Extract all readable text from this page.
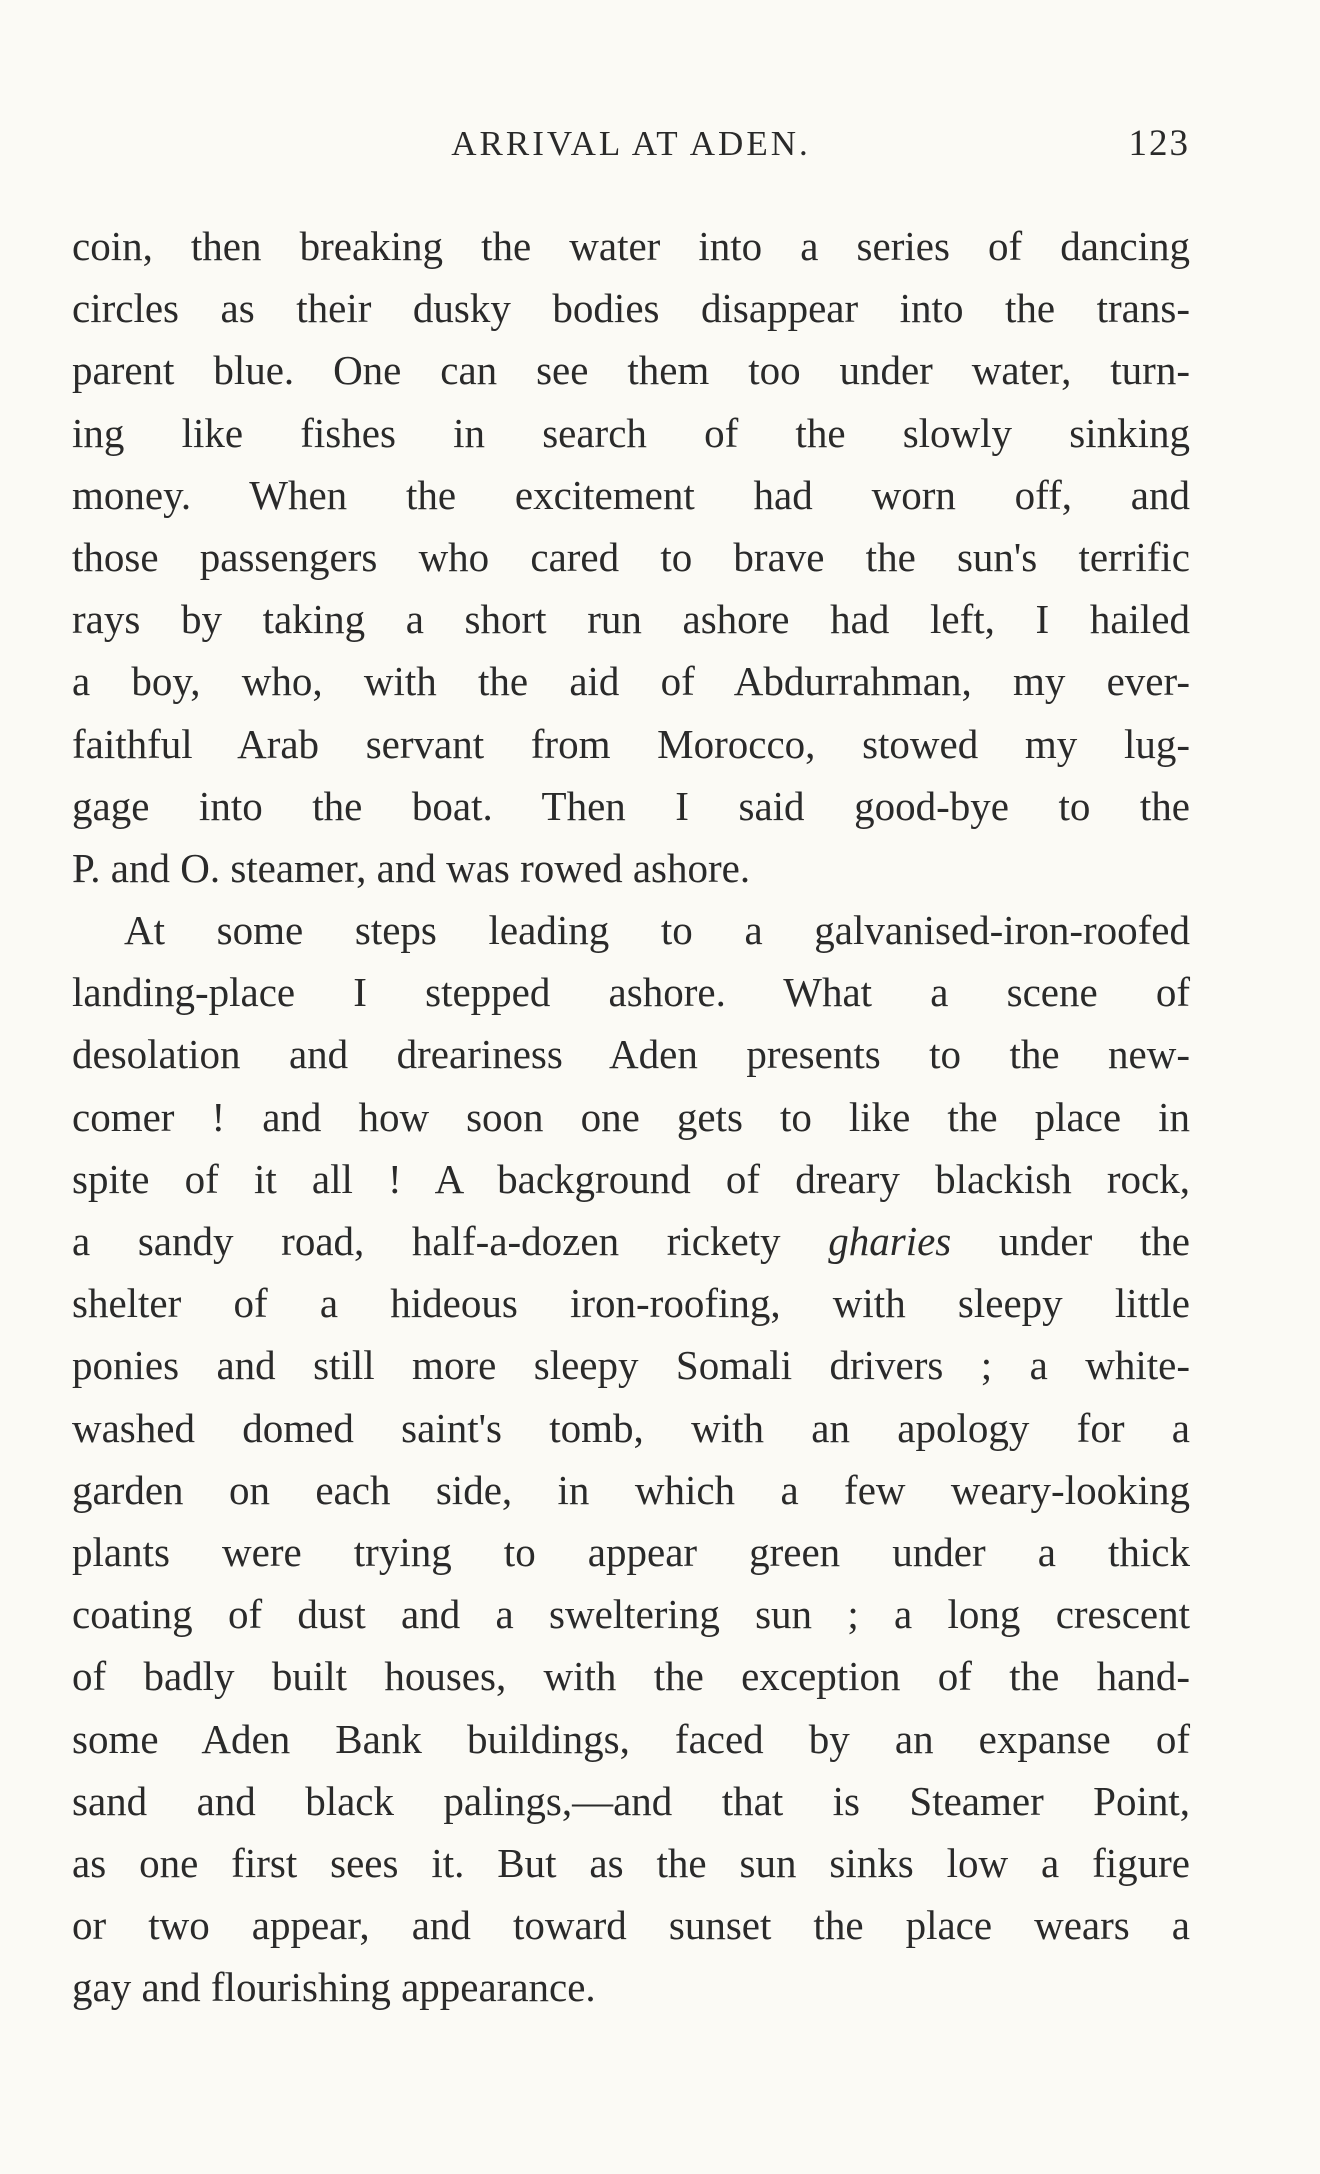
ARRIVAL AT ADEN.	123
coin, then breaking the water into a series of dancing
circles as their dusky bodies disappear into the trans-
parent blue. One can see them too under water, turn-
ing like fishes in search of the slowly sinking
money. When the excitement had worn off, and
those passengers who cared to brave the sun's terrific
rays by taking a short run ashore had left, I hailed
a boy, who, with the aid of Abdurrahman, my ever-
faithful Arab servant from Morocco, stowed my lug-
gage into the boat. Then I said good-bye to the
P. and O. steamer, and was rowed ashore.
At some steps leading to a galvanised-iron-roofed
landing-place I stepped ashore. What a scene of
desolation and dreariness Aden presents to the new-
comer ! and how soon one gets to like the place in
spite of it all ! A background of dreary blackish rock,
a sandy road, half-a-dozen rickety gharies under the
shelter of a hideous iron-roofing, with sleepy little
ponies and still more sleepy Somali drivers ; a white-
washed domed saint's tomb, with an apology for a
garden on each side, in which a few weary-looking
plants were trying to appear green under a thick
coating of dust and a sweltering sun ; a long crescent
of badly built houses, with the exception of the hand-
some Aden Bank buildings, faced by an expanse of
sand and black palings,—and that is Steamer Point,
as one first sees it. But as the sun sinks low a figure
or two appear, and toward sunset the place wears a
gay and flourishing appearance.
